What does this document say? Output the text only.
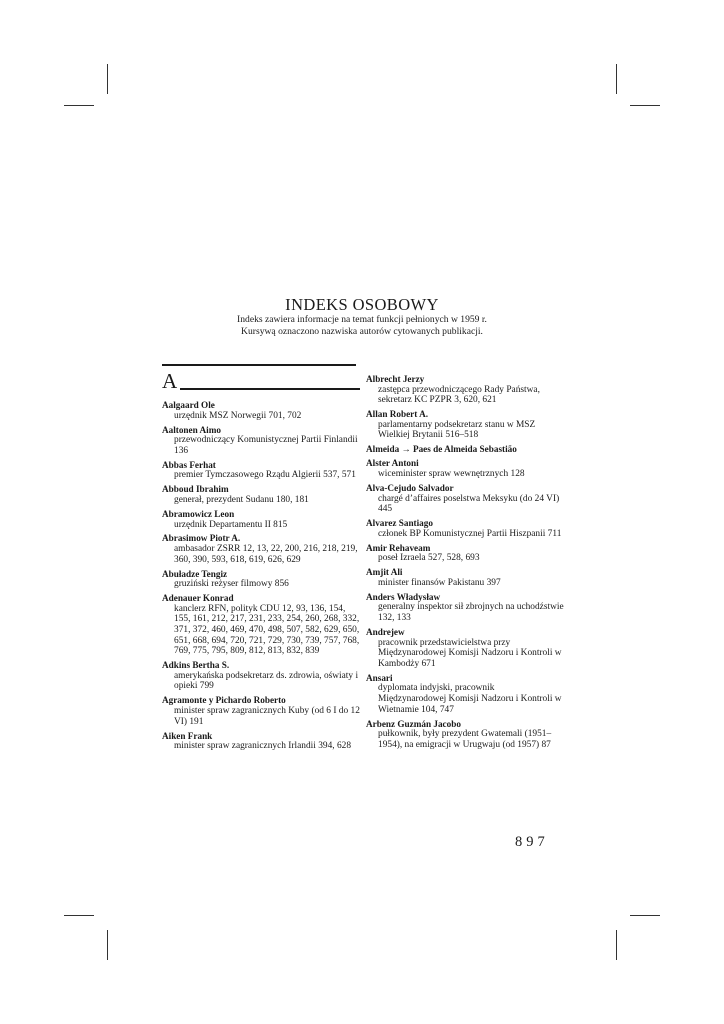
INDEKS OSOBOWY

Indeks zawiera informacje na temat funkcji pełnionych w 1959 r.

Kursywą oznaczono nazwiska autorów cytowanych publikacji.

A
Aalgaard Ole
urzędnik MSZ Norwegii 701, 702
Aaltonen Aimo
przewodniczący Komunistycznej Partii Finlandii 136
Abbas Ferhat
premier Tymczasowego Rządu Algierii 537, 571
Abboud Ibrahim
generał, prezydent Sudanu 180, 181
Abramowicz Leon
urzędnik Departamentu II 815
Abrasimow Piotr A.
ambasador ZSRR 12, 13, 22, 200, 216, 218, 219, 360, 390, 593, 618, 619, 626, 629
Abuładze Tengiz
gruziński reżyser filmowy 856
Adenauer Konrad
kanclerz RFN, polityk CDU 12, 93, 136, 154, 155, 161, 212, 217, 231, 233, 254, 260, 268, 332, 371, 372, 460, 469, 470, 498, 507, 582, 629, 650, 651, 668, 694, 720, 721, 729, 730, 739, 757, 768, 769, 775, 795, 809, 812, 813, 832, 839
Adkins Bertha S.
amerykańska podsekretarz ds. zdrowia, oświaty i opieki 799
Agramonte y Pichardo Roberto
minister spraw zagranicznych Kuby (od 6 I do 12 VI) 191
Aiken Frank
minister spraw zagranicznych Irlandii 394, 628
Albrecht Jerzy
zastępca przewodniczącego Rady Państwa, sekretarz KC PZPR 3, 620, 621
Allan Robert A.
parlamentarny podsekretarz stanu w MSZ Wielkiej Brytanii 516–518
Almeida → Paes de Almeida Sebastião
Alster Antoni
wiceminister spraw wewnętrznych 128
Alva-Cejudo Salvador
chargé d’affaires poselstwa Meksyku (do 24 VI) 445
Alvarez Santiago
członek BP Komunistycznej Partii Hiszpanii 711
Amir Rehaveam
poseł Izraela 527, 528, 693
Amjit Ali
minister finansów Pakistanu 397
Anders Władysław
generalny inspektor sił zbrojnych na uchodźstwie 132, 133
Andrejew
pracownik przedstawicielstwa przy Międzynarodowej Komisji Nadzoru i Kontroli w Kambodży 671
Ansari
dyplomata indyjski, pracownik Międzynarodowej Komisji Nadzoru i Kontroli w Wietnamie 104, 747
Arbenz Guzmán Jacobo
pułkownik, były prezydent Gwatemali (1951–1954), na emigracji w Urugwaju (od 1957) 87
897
